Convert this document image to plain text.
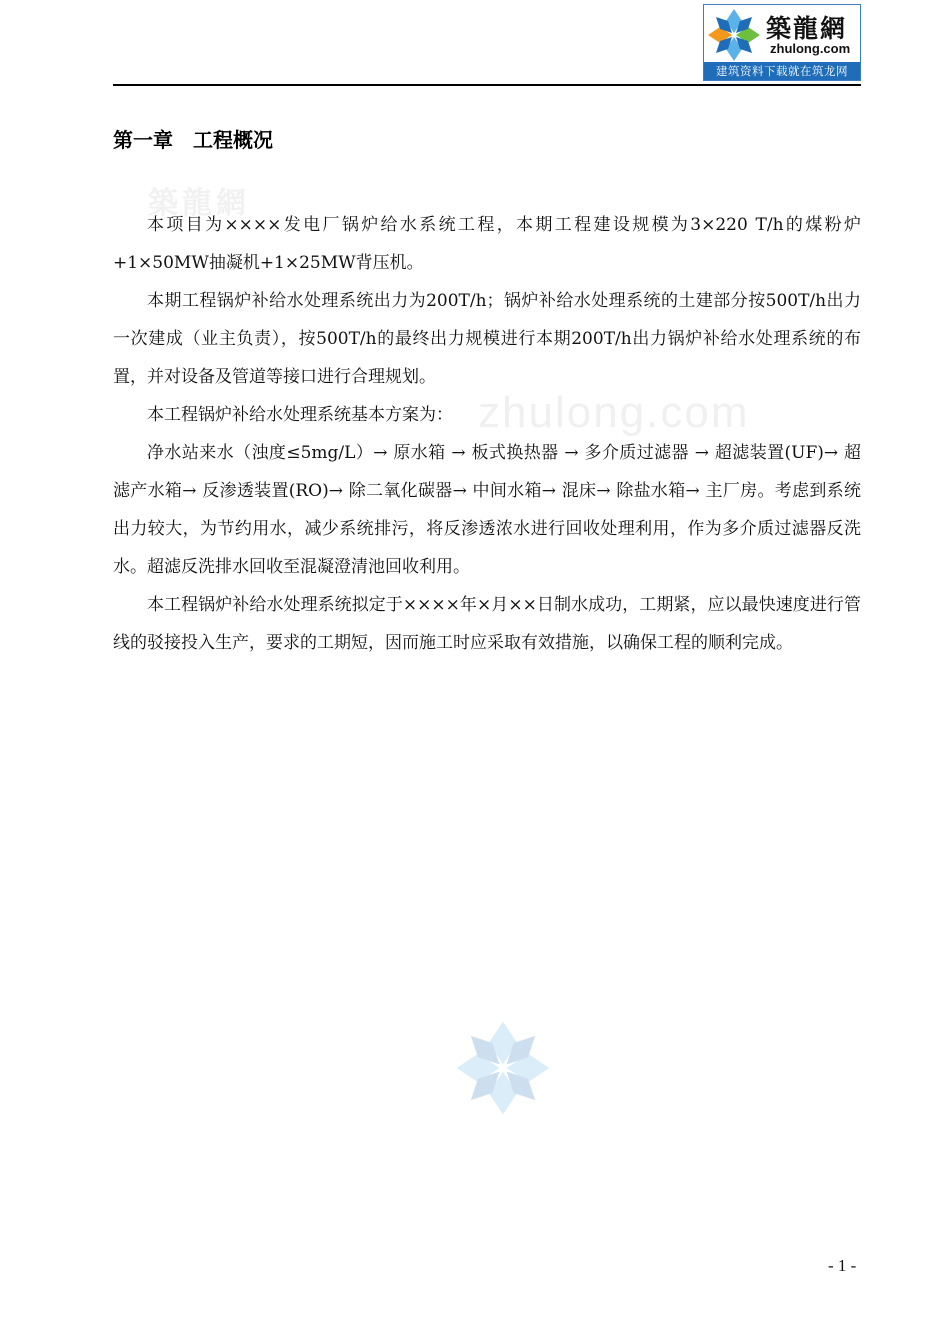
築龍網
zhulong.com
建筑资料下载就在筑龙网
第一章　工程概况
築龍網
zhulong.com

本项目为××××发电厂锅炉给水系统工程，本期工程建设规模为3×220 T/h的煤粉炉+1×50MW抽凝机+1×25MW背压机。

本期工程锅炉补给水处理系统出力为200T/h；锅炉补给水处理系统的土建部分按500T/h出力一次建成（业主负责），按500T/h的最终出力规模进行本期200T/h出力锅炉补给水处理系统的布置，并对设备及管道等接口进行合理规划。

本工程锅炉补给水处理系统基本方案为：

净水站来水（浊度≤5mg/L）→ 原水箱 → 板式换热器 → 多介质过滤器 → 超滤装置(UF)→ 超滤产水箱→ 反渗透装置(RO)→ 除二氧化碳器→ 中间水箱→ 混床→ 除盐水箱→ 主厂房。考虑到系统出力较大，为节约用水，减少系统排污，将反渗透浓水进行回收处理利用，作为多介质过滤器反洗水。超滤反洗排水回收至混凝澄清池回收利用。

本工程锅炉补给水处理系统拟定于××××年×月××日制水成功，工期紧，应以最快速度进行管线的驳接投入生产，要求的工期短，因而施工时应采取有效措施，以确保工程的顺利完成。

- 1 -
